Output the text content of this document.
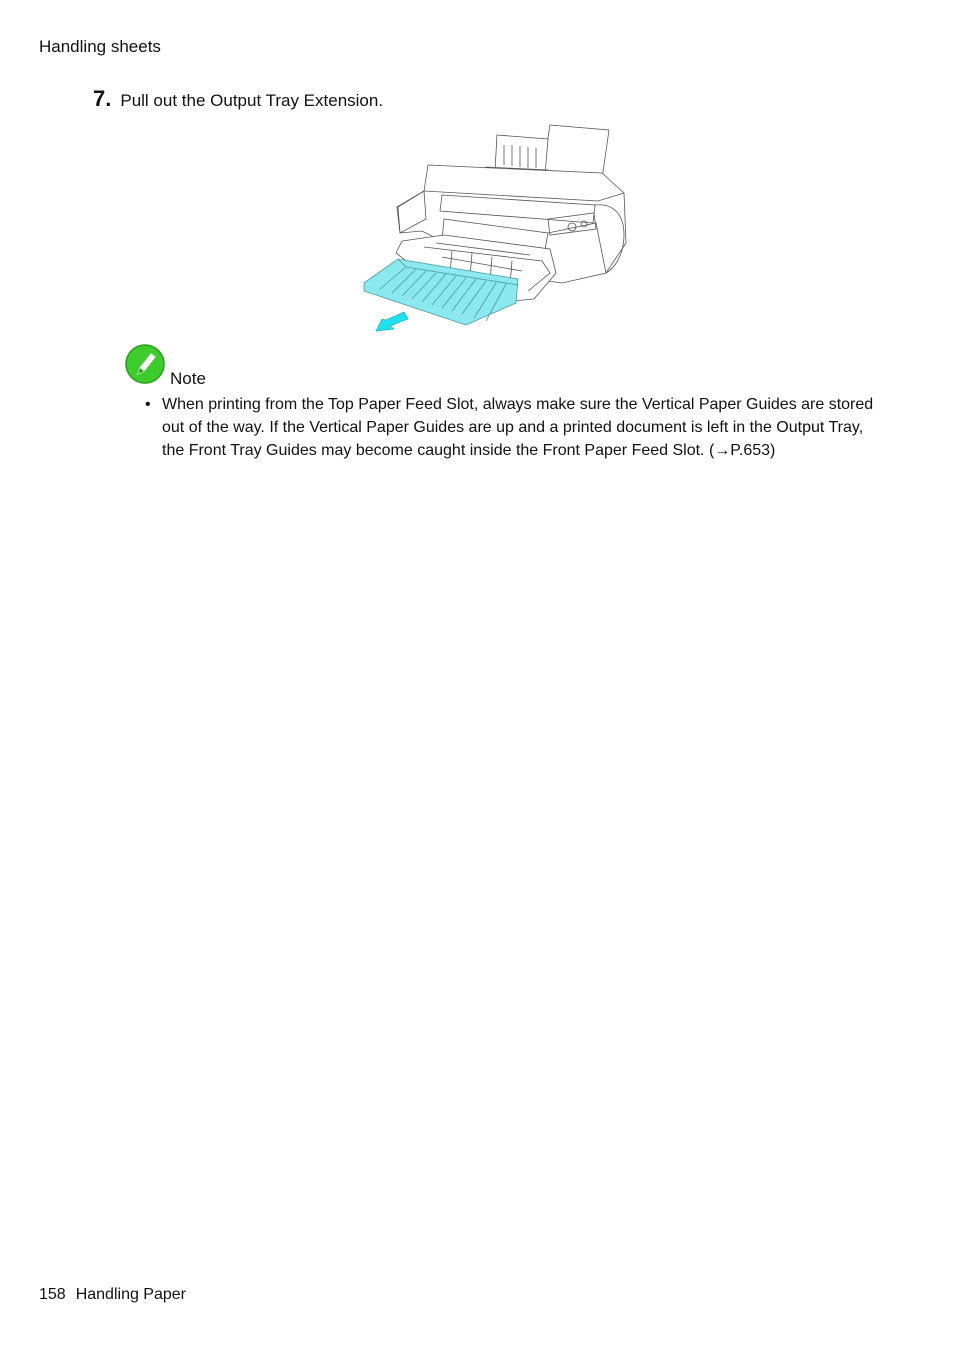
Handling sheets
7. Pull out the Output Tray Extension.
Note
• When printing from the Top Paper Feed Slot, always make sure the Vertical Paper Guides are stored out of the way. If the Vertical Paper Guides are up and a printed document is left in the Output Tray, the Front Tray Guides may become caught inside the Front Paper Feed Slot. (→P.653)
158 Handling Paper
